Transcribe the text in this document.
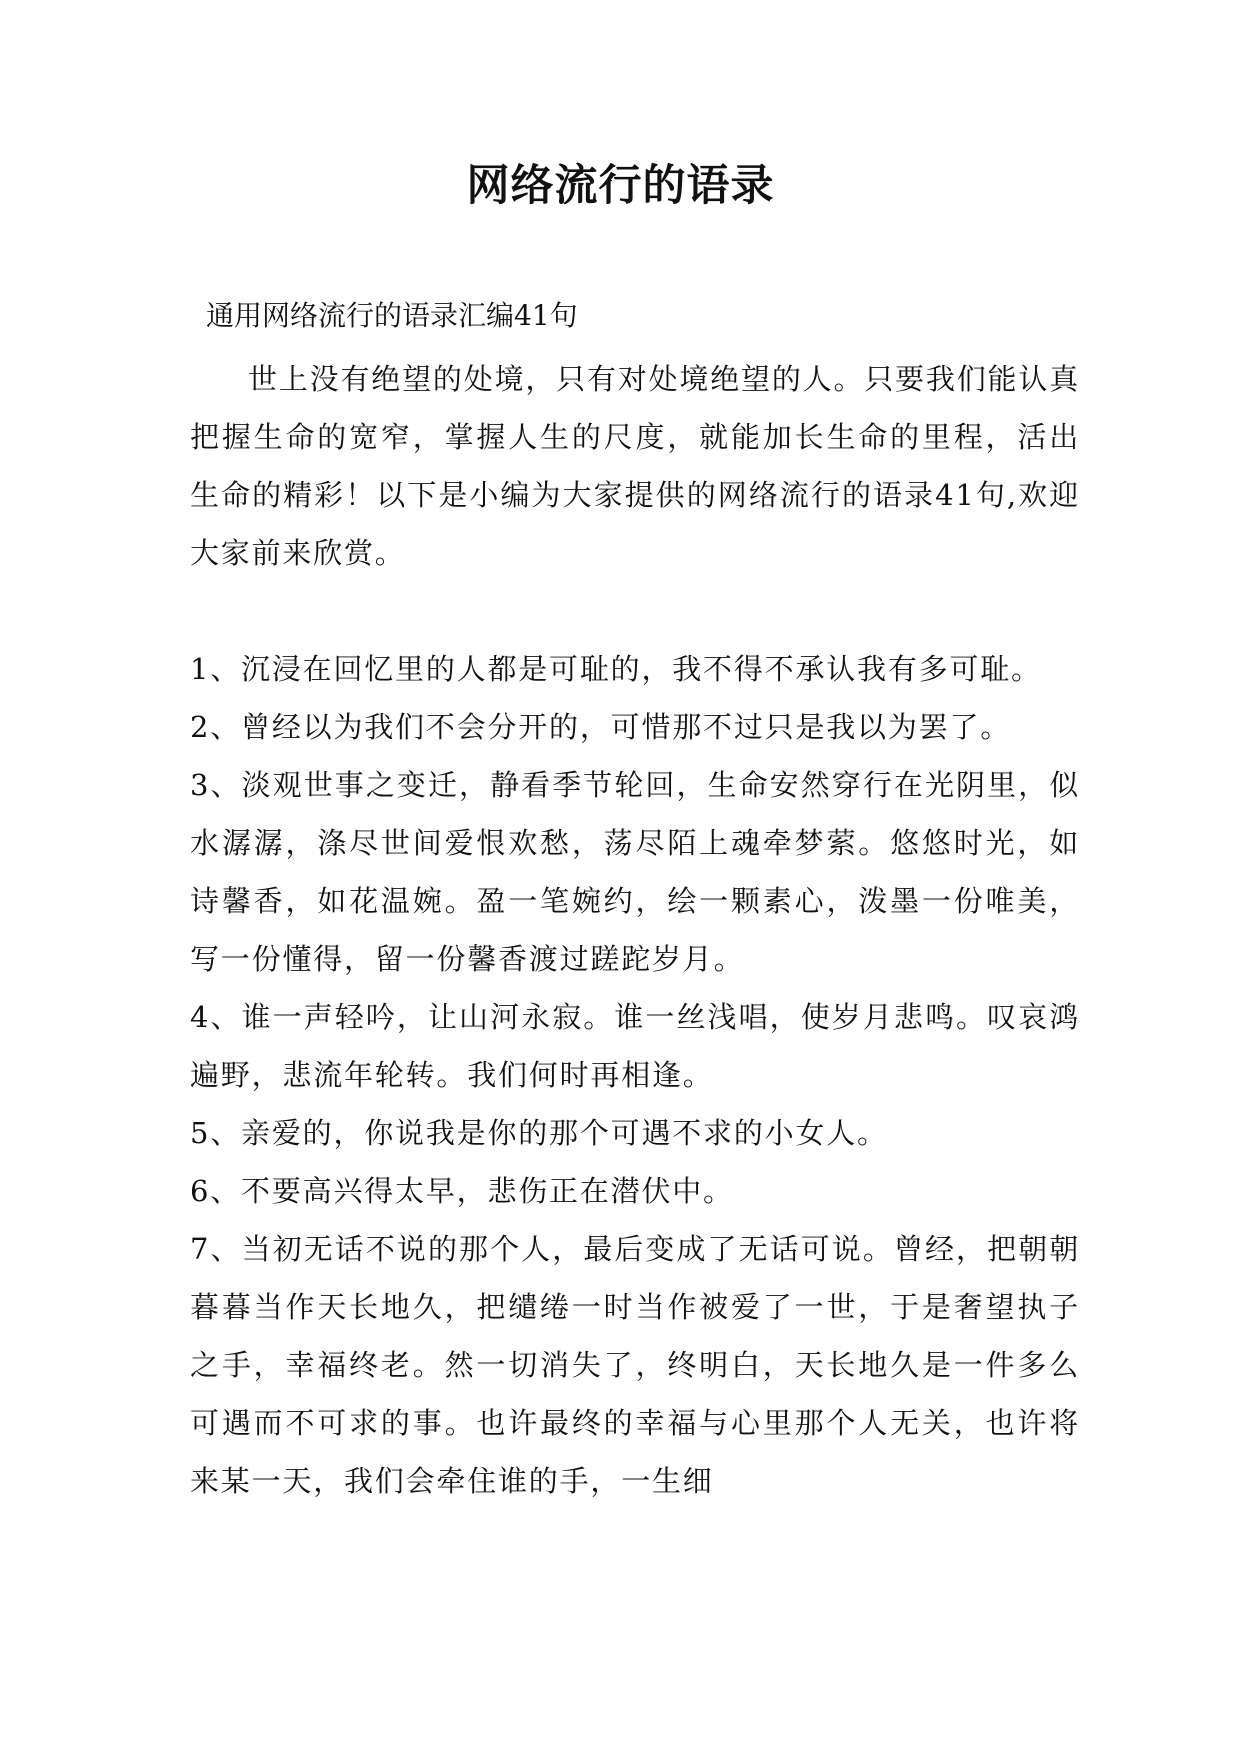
网络流行的语录
通用网络流行的语录汇编41句

世上没有绝望的处境，只有对处境绝望的人。只要我们能认真把握生命的宽窄，掌握人生的尺度，就能加长生命的里程，活出生命的精彩！以下是小编为大家提供的网络流行的语录41句,欢迎大家前来欣赏。

1、沉浸在回忆里的人都是可耻的，我不得不承认我有多可耻。

2、曾经以为我们不会分开的，可惜那不过只是我以为罢了。

3、淡观世事之变迁，静看季节轮回，生命安然穿行在光阴里，似水潺潺，涤尽世间爱恨欢愁，荡尽陌上魂牵梦萦。悠悠时光，如诗馨香，如花温婉。盈一笔婉约，绘一颗素心，泼墨一份唯美，写一份懂得，留一份馨香渡过蹉跎岁月。

4、谁一声轻吟，让山河永寂。谁一丝浅唱，使岁月悲鸣。叹哀鸿遍野，悲流年轮转。我们何时再相逢。

5、亲爱的，你说我是你的那个可遇不求的小女人。

6、不要高兴得太早，悲伤正在潜伏中。

7、当初无话不说的那个人，最后变成了无话可说。曾经，把朝朝暮暮当作天长地久，把缱绻一时当作被爱了一世，于是奢望执子之手，幸福终老。然一切消失了，终明白，天长地久是一件多么可遇而不可求的事。也许最终的幸福与心里那个人无关，也许将来某一天，我们会牵住谁的手，一生细
